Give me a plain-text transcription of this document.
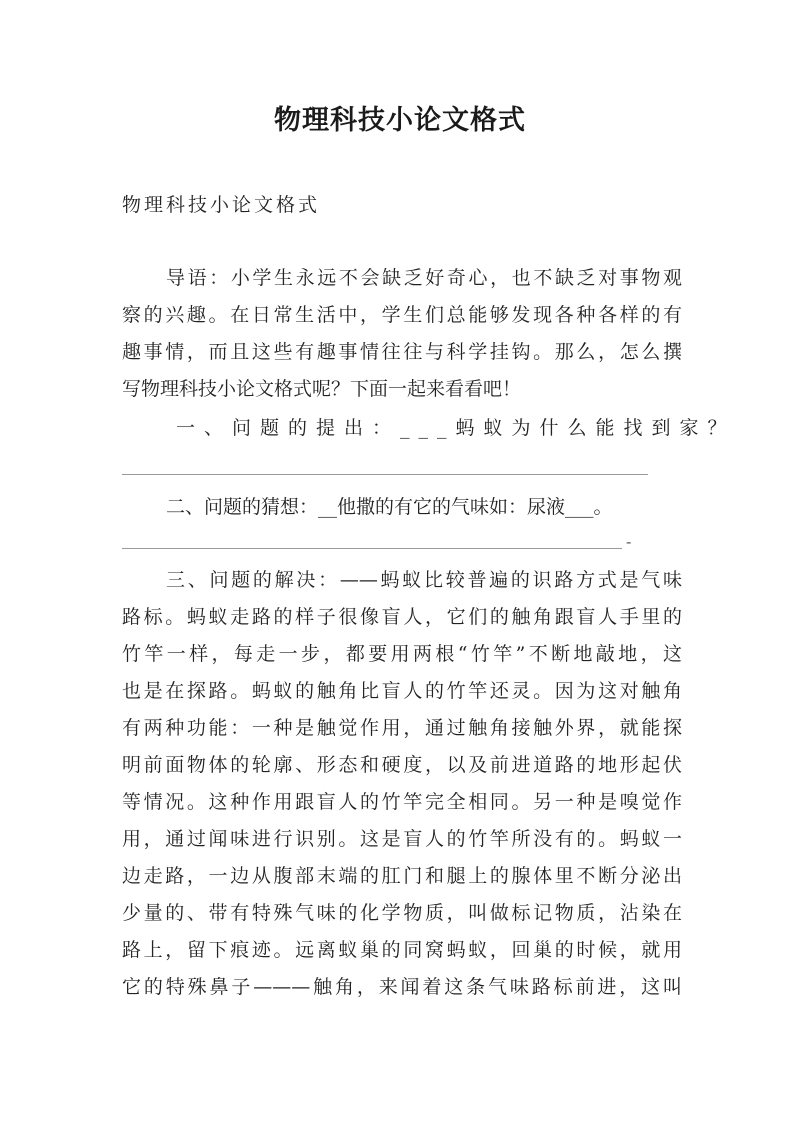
物理科技小论文格式
物理科技小论文格式
导语：小学生永远不会缺乏好奇心，也不缺乏对事物观
察的兴趣。在日常生活中，学生们总能够发现各种各样的有
趣事情，而且这些有趣事情往往与科学挂钩。那么，怎么撰
写物理科技小论文格式呢？下面一起来看看吧！
一、问题的提出：___蚂蚁为什么能找到家？
二、问题的猜想：__他撒的有它的气味如：尿液___。
-
三、问题的解决：——蚂蚁比较普遍的识路方式是气味
路标。蚂蚁走路的样子很像盲人，它们的触角跟盲人手里的
竹竿一样，每走一步，都要用两根“竹竿”不断地敲地，这
也是在探路。蚂蚁的触角比盲人的竹竿还灵。因为这对触角
有两种功能：一种是触觉作用，通过触角接触外界，就能探
明前面物体的轮廓、形态和硬度，以及前进道路的地形起伏
等情况。这种作用跟盲人的竹竿完全相同。另一种是嗅觉作
用，通过闻味进行识别。这是盲人的竹竿所没有的。蚂蚁一
边走路，一边从腹部末端的肛门和腿上的腺体里不断分泌出
少量的、带有特殊气味的化学物质，叫做标记物质，沾染在
路上，留下痕迹。远离蚁巢的同窝蚂蚁，回巢的时候，就用
它的特殊鼻子———触角，来闻着这条气味路标前进，这叫
